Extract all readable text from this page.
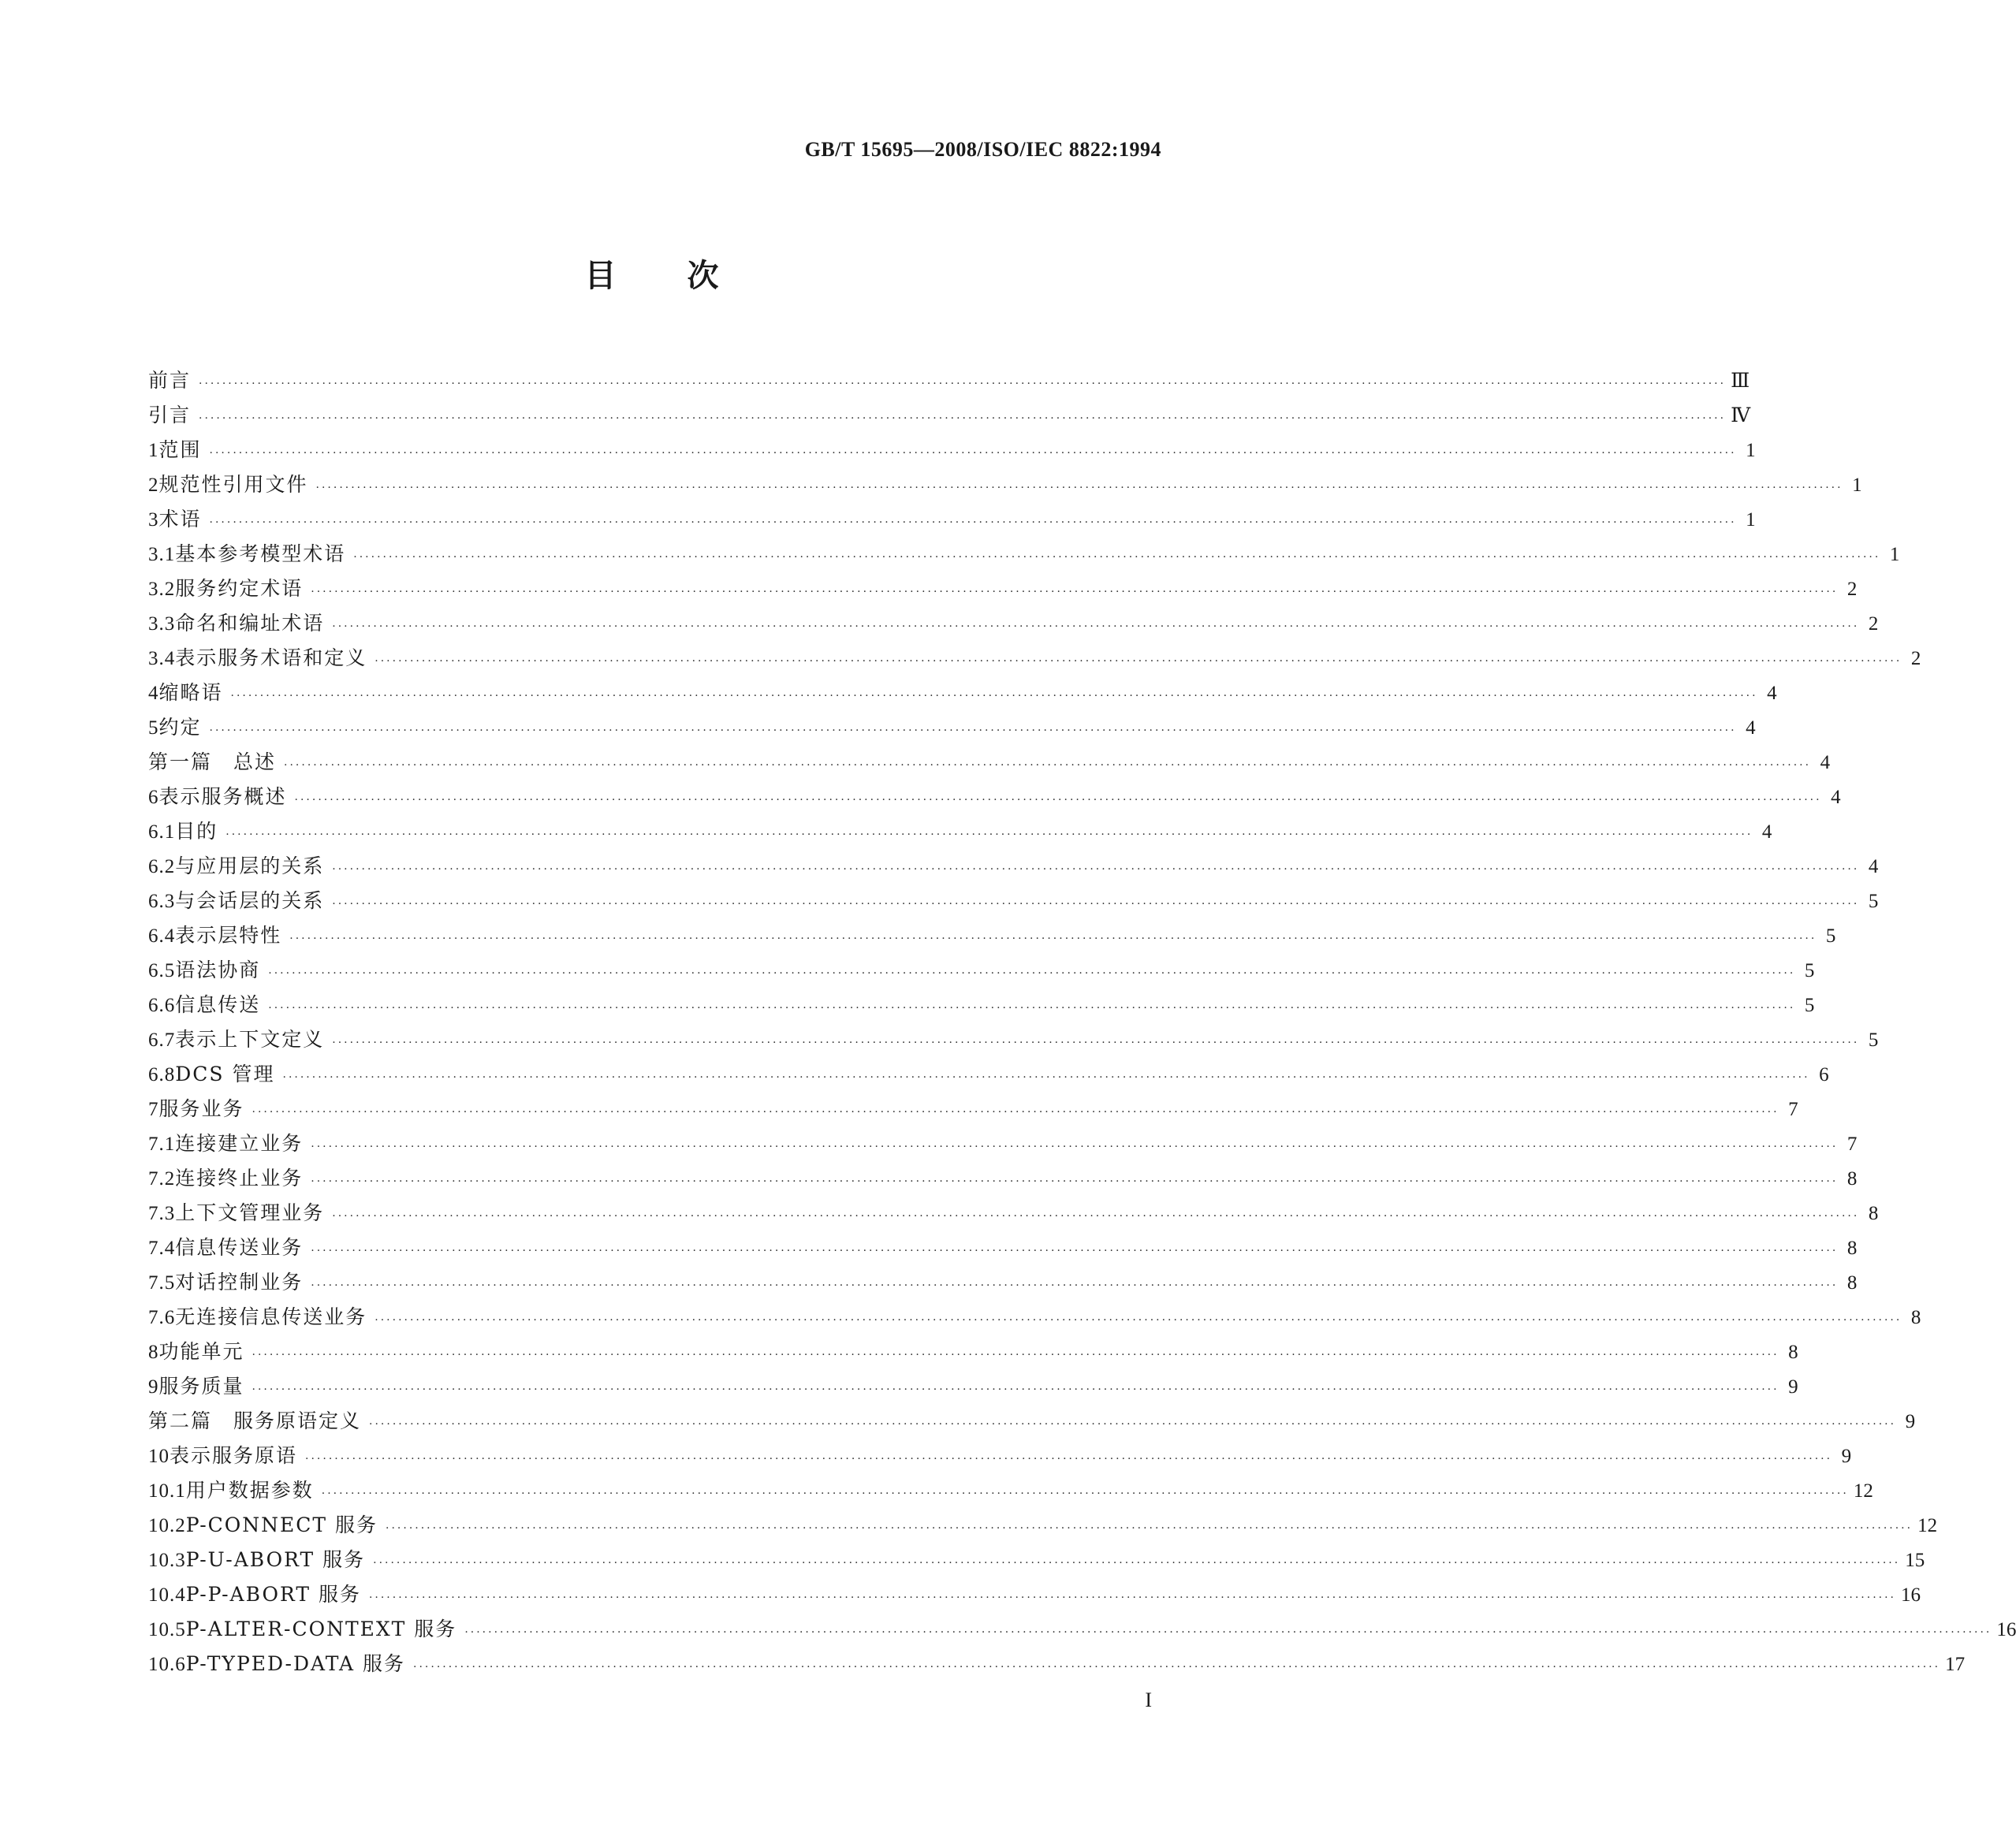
GB/T 15695—2008/ISO/IEC 8822:1994
目次
前言 ···································································································································································································································································· Ⅲ
引言 ···································································································································································································································································· Ⅳ
1 范围 ···································································································································································································································································· 1
2 规范性引用文件 ···································································································································································································································································· 1
3 术语 ···································································································································································································································································· 1
3.1 基本参考模型术语 ···································································································································································································································································· 1
3.2 服务约定术语 ···································································································································································································································································· 2
3.3 命名和编址术语 ···································································································································································································································································· 2
3.4 表示服务术语和定义 ···································································································································································································································································· 2
4 缩略语 ···································································································································································································································································· 4
5 约定 ···································································································································································································································································· 4
第一篇　总述 ···································································································································································································································································· 4
6 表示服务概述 ···································································································································································································································································· 4
6.1 目的 ···································································································································································································································································· 4
6.2 与应用层的关系 ···································································································································································································································································· 4
6.3 与会话层的关系 ···································································································································································································································································· 5
6.4 表示层特性 ···································································································································································································································································· 5
6.5 语法协商 ···································································································································································································································································· 5
6.6 信息传送 ···································································································································································································································································· 5
6.7 表示上下文定义 ···································································································································································································································································· 5
6.8 DCS 管理 ···································································································································································································································································· 6
7 服务业务 ···································································································································································································································································· 7
7.1 连接建立业务 ···································································································································································································································································· 7
7.2 连接终止业务 ···································································································································································································································································· 8
7.3 上下文管理业务 ···································································································································································································································································· 8
7.4 信息传送业务 ···································································································································································································································································· 8
7.5 对话控制业务 ···································································································································································································································································· 8
7.6 无连接信息传送业务 ···································································································································································································································································· 8
8 功能单元 ···································································································································································································································································· 8
9 服务质量 ···································································································································································································································································· 9
第二篇　服务原语定义 ···································································································································································································································································· 9
10 表示服务原语 ···································································································································································································································································· 9
10.1 用户数据参数 ···································································································································································································································································· 12
10.2 P-CONNECT 服务 ···································································································································································································································································· 12
10.3 P-U-ABORT 服务 ···································································································································································································································································· 15
10.4 P-P-ABORT 服务 ···································································································································································································································································· 16
10.5 P-ALTER-CONTEXT 服务 ···································································································································································································································································· 16
10.6 P-TYPED-DATA 服务 ···································································································································································································································································· 17
I
